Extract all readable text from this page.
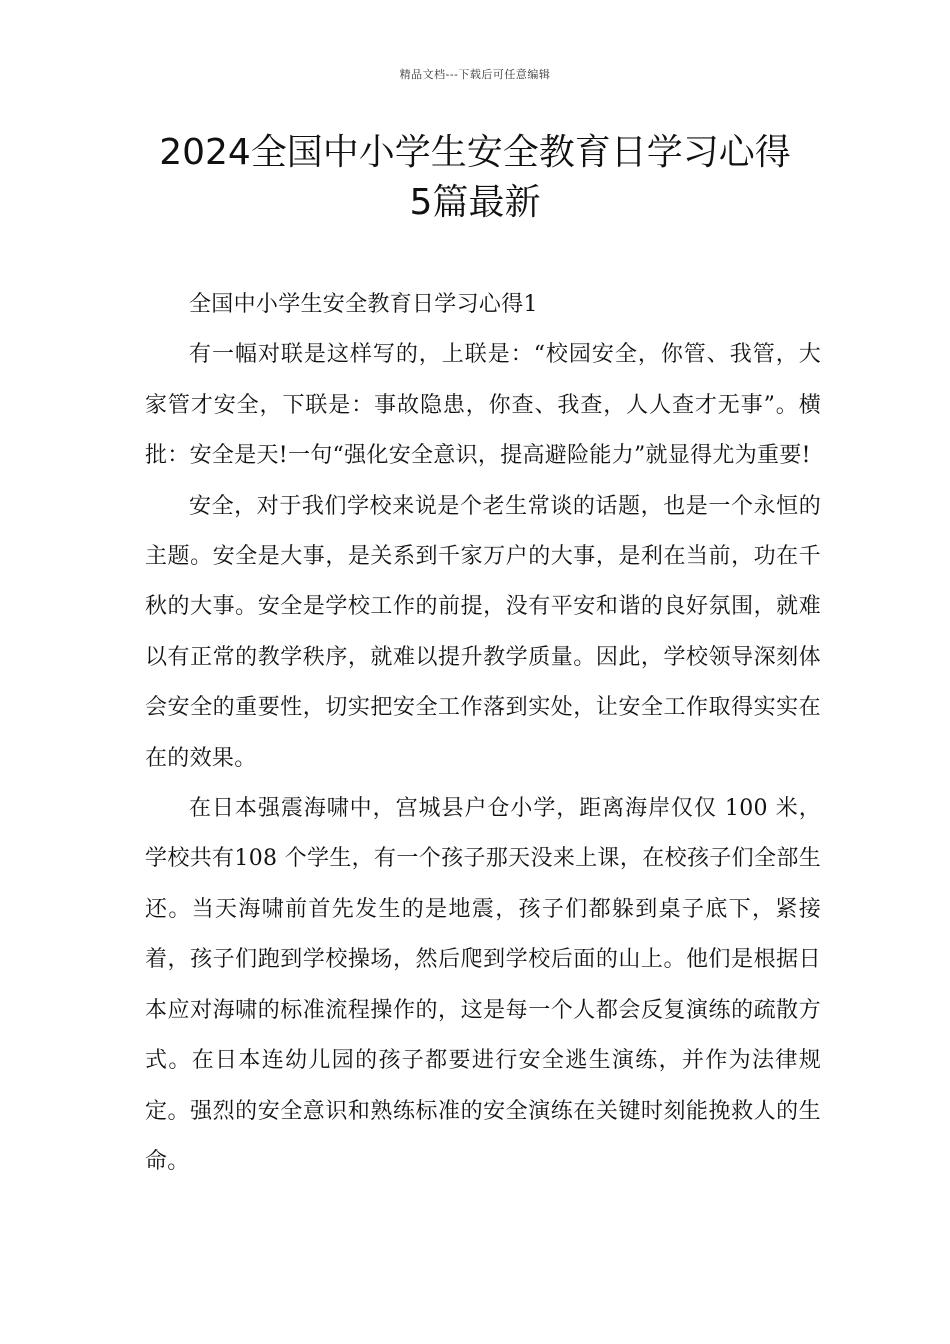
精品文档---下载后可任意编辑
2024全国中小学生安全教育日学习心得
5篇最新

全国中小学生安全教育日学习心得1

有一幅对联是这样写的，上联是：“校园安全，你管、我管，大家管才安全，下联是：事故隐患，你查、我查，人人查才无事”。横批：安全是天!一句“强化安全意识，提高避险能力”就显得尤为重要!

安全，对于我们学校来说是个老生常谈的话题，也是一个永恒的主题。安全是大事，是关系到千家万户的大事，是利在当前，功在千秋的大事。安全是学校工作的前提，没有平安和谐的良好氛围，就难以有正常的教学秩序，就难以提升教学质量。因此，学校领导深刻体会安全的重要性，切实把安全工作落到实处，让安全工作取得实实在在的效果。

在日本强震海啸中，宫城县户仓小学，距离海岸仅仅 100 米，学校共有108 个学生，有一个孩子那天没来上课，在校孩子们全部生还。当天海啸前首先发生的是地震，孩子们都躲到桌子底下，紧接着，孩子们跑到学校操场，然后爬到学校后面的山上。他们是根据日本应对海啸的标准流程操作的，这是每一个人都会反复演练的疏散方式。在日本连幼儿园的孩子都要进行安全逃生演练，并作为法律规定。强烈的安全意识和熟练标准的安全演练在关键时刻能挽救人的生命。
